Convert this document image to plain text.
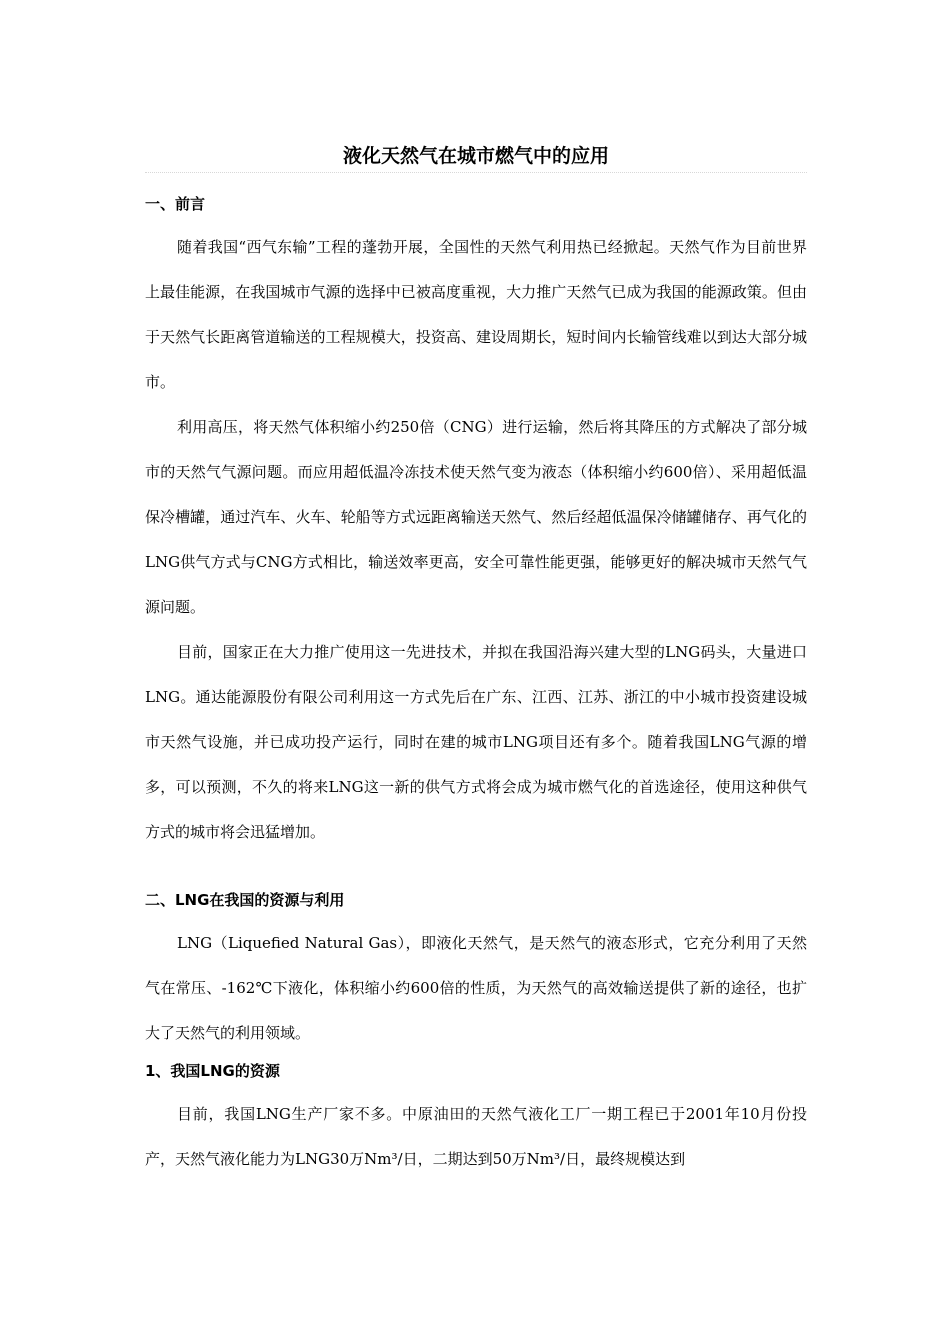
液化天然气在城市燃气中的应用
一、前言

随着我国“西气东输”工程的蓬勃开展，全国性的天然气利用热已经掀起。天然气作为目前世界上最佳能源，在我国城市气源的选择中已被高度重视，大力推广天然气已成为我国的能源政策。但由于天然气长距离管道输送的工程规模大，投资高、建设周期长，短时间内长输管线难以到达大部分城市。

利用高压，将天然气体积缩小约250倍（CNG）进行运输，然后将其降压的方式解决了部分城市的天然气气源问题。而应用超低温冷冻技术使天然气变为液态（体积缩小约600倍）、采用超低温保冷槽罐，通过汽车、火车、轮船等方式远距离输送天然气、然后经超低温保冷储罐储存、再气化的LNG供气方式与CNG方式相比，输送效率更高，安全可靠性能更强，能够更好的解决城市天然气气源问题。

目前，国家正在大力推广使用这一先进技术，并拟在我国沿海兴建大型的LNG码头，大量进口LNG。通达能源股份有限公司利用这一方式先后在广东、江西、江苏、浙江的中小城市投资建设城市天然气设施，并已成功投产运行，同时在建的城市LNG项目还有多个。随着我国LNG气源的增多，可以预测，不久的将来LNG这一新的供气方式将会成为城市燃气化的首选途径，使用这种供气方式的城市将会迅猛增加。

二、LNG在我国的资源与利用

LNG（Liquefied Natural Gas），即液化天然气，是天然气的液态形式，它充分利用了天然气在常压、-162℃下液化，体积缩小约600倍的性质，为天然气的高效输送提供了新的途径，也扩大了天然气的利用领域。

1、我国LNG的资源

目前，我国LNG生产厂家不多。中原油田的天然气液化工厂一期工程已于2001年10月份投产，天然气液化能力为LNG30万Nm³/日，二期达到50万Nm³/日，最终规模达到
